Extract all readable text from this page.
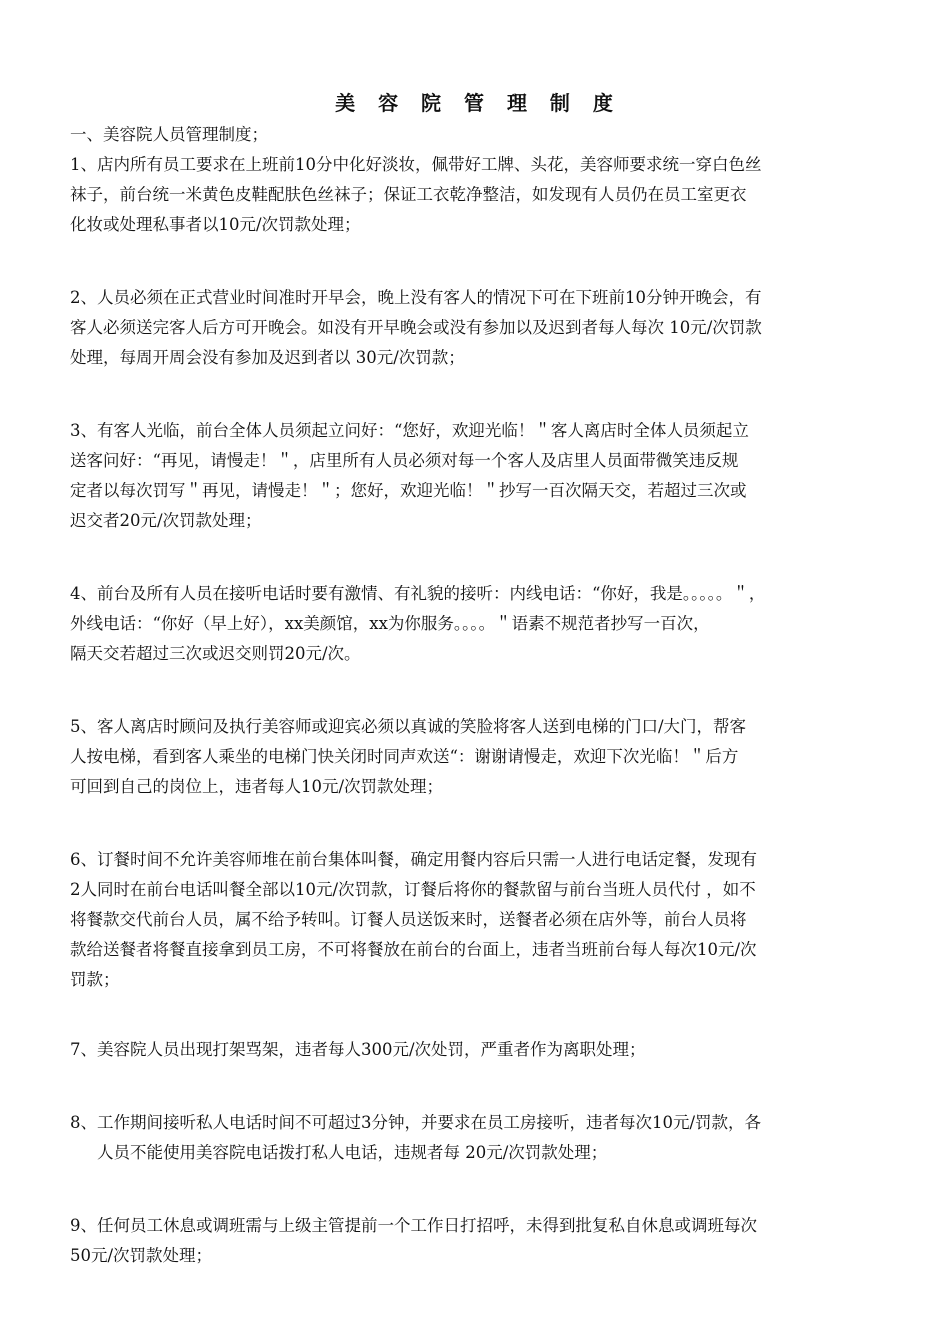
美 容 院 管 理 制 度

一、美容院人员管理制度；

1、店内所有员工要求在上班前10分中化好淡妆，佩带好工牌、头花，美容师要求统一穿白色丝
袜子，前台统一米黄色皮鞋配肤色丝袜子；保证工衣乾净整洁，如发现有人员仍在员工室更衣
化妆或处理私事者以10元/次罚款处理；

2、人员必须在正式营业时间准时开早会，晚上没有客人的情况下可在下班前10分钟开晚会，有
客人必须送完客人后方可开晚会。如没有开早晚会或没有参加以及迟到者每人每次 10元/次罚款
处理，每周开周会没有参加及迟到者以 30元/次罚款；

3、有客人光临，前台全体人员须起立问好：“您好，欢迎光临！＂客人离店时全体人员须起立
送客问好：“再见，请慢走！＂，店里所有人员必须对每一个客人及店里人员面带微笑违反规
定者以每次罚写＂再见，请慢走！＂；您好，欢迎光临！＂抄写一百次隔天交，若超过三次或
迟交者20元/次罚款处理；

4、前台及所有人员在接听电话时要有激情、有礼貌的接听：内线电话：“你好，我是。。。。。＂，
外线电话：“你好（早上好），xx美颜馆，xx为你服务。。。。＂语素不规范者抄写一百次，
隔天交若超过三次或迟交则罚20元/次。

5、客人离店时顾问及执行美容师或迎宾必须以真诚的笑脸将客人送到电梯的门口/大门，帮客
人按电梯，看到客人乘坐的电梯门快关闭时同声欢送“：谢谢请慢走，欢迎下次光临！＂后方
可回到自己的岗位上，违者每人10元/次罚款处理；

6、订餐时间不允许美容师堆在前台集体叫餐，确定用餐内容后只需一人进行电话定餐，发现有
2人同时在前台电话叫餐全部以10元/次罚款，订餐后将你的餐款留与前台当班人员代付 ，如不
将餐款交代前台人员，属不给予转叫。订餐人员送饭来时，送餐者必须在店外等，前台人员将
款给送餐者将餐直接拿到员工房，不可将餐放在前台的台面上，违者当班前台每人每次10元/次
罚款；

7、美容院人员出现打架骂架，违者每人300元/次处罚，严重者作为离职处理；

8、工作期间接听私人电话时间不可超过3分钟，并要求在员工房接听，违者每次10元/罚款，各
人员不能使用美容院电话拨打私人电话，违规者每 20元/次罚款处理；

9、任何员工休息或调班需与上级主管提前一个工作日打招呼，未得到批复私自休息或调班每次
50元/次罚款处理；
